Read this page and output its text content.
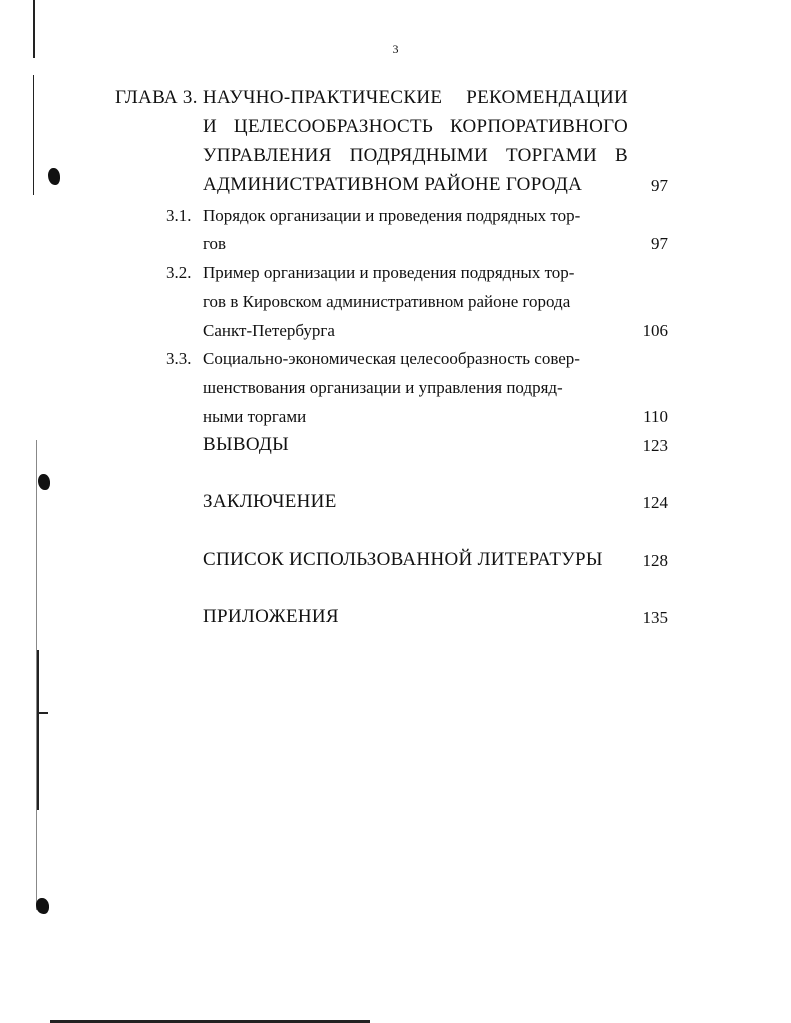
3
ГЛАВА 3. НАУЧНО-ПРАКТИЧЕСКИЕ РЕКОМЕНДАЦИИ
И ЦЕЛЕСООБРАЗНОСТЬ КОРПОРАТИВНОГО
УПРАВЛЕНИЯ ПОДРЯДНЫМИ ТОРГАМИ В
АДМИНИСТРАТИВНОМ РАЙОНЕ ГОРОДА	97
3.1. Порядок организации и проведения подрядных тор-
гов	97
3.2. Пример организации и проведения подрядных тор-
гов в Кировском административном районе города
Санкт-Петербурга	106
3.3. Социально-экономическая целесообразность совер-
шенствования организации и управления подряд-
ными торгами	110
ВЫВОДЫ	123
ЗАКЛЮЧЕНИЕ	124
СПИСОК ИСПОЛЬЗОВАННОЙ ЛИТЕРАТУРЫ 128
ПРИЛОЖЕНИЯ	135
